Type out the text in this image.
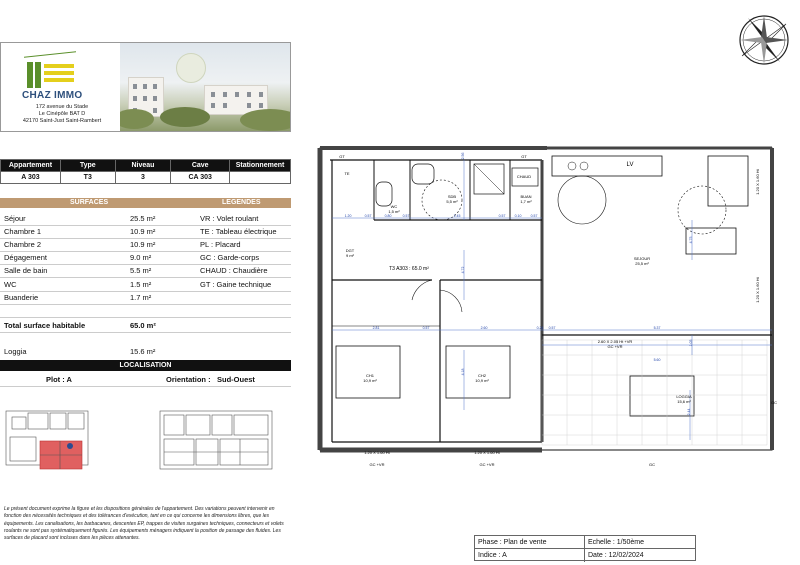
CHAZ IMMO
172 avenue du Stade
Le Cinépôle BAT D
42170 Saint-Just Saint-Rambert
Appartement	Type	Niveau	Cave	Stationnement
A 303	T3	3	CA 303	
SURFACES	LEGENDES
Séjour	25.5 m²	VR : Volet roulant
Chambre 1	10.9 m²	TE : Tableau électrique
Chambre 2	10.9 m²	PL : Placard
Dégagement	9.0 m²	GC : Garde-corps
Salle de bain	5.5 m²	CHAUD : Chaudière
WC	1.5 m²	GT : Gaine technique
Buanderie	1.7 m²
Total surface habitable	65.0 m²
Loggia	15.6 m²
LOCALISATION
Plot : A	Orientation : Sud-Ouest
Le présent document exprime la figure et les dispositions générales de l'appartement. Des variations peuvent intervenir en fonction des nécessités techniques et des tolérances d'exécution, tant en ce qui concerne les dimensions libres, que les équipements. Les canalisations, les barbacanes, descentes EP, trappes de visites surgaines techniques, connecteurs et volets roulants ne sont pas systématiquement figurés. Les équipements ménagers indiquent la position de passage des fluides. Les surfaces de placard sont incluses dans les pièces attenantes.
Phase : Plan de vente	Echelle : 1/50ème
Indice : A	Date : 12/02/2024
TE
GT	GT
CHAUD
LV
SDB
5,5 m²
WC
1,5 m²
BUAN
1,7 m²
DGT
9 m²
T3 A303 : 65.0 m²
SEJOUR
25,5 m²
CH1
10,9 m²
CH2
10,9 m²
LOGGIA
15,6 m²
GC
GC
GC +VR	GC +VR
GC +VR
1.20 X 1.60 Ht	1.20 X 1.60 Ht
2.60 X 2.05 Ht +VR
1.20 X 1.60 Ht
1.20 X 1.60 Ht
1.20	0.57	0.80	0.57	2.45	0.57	0.10	0.57
2.81	0.57	2.60	0.24 0.57	5.37
5.60
2.56
4.72
4.18
4.75
1.05
2.44
